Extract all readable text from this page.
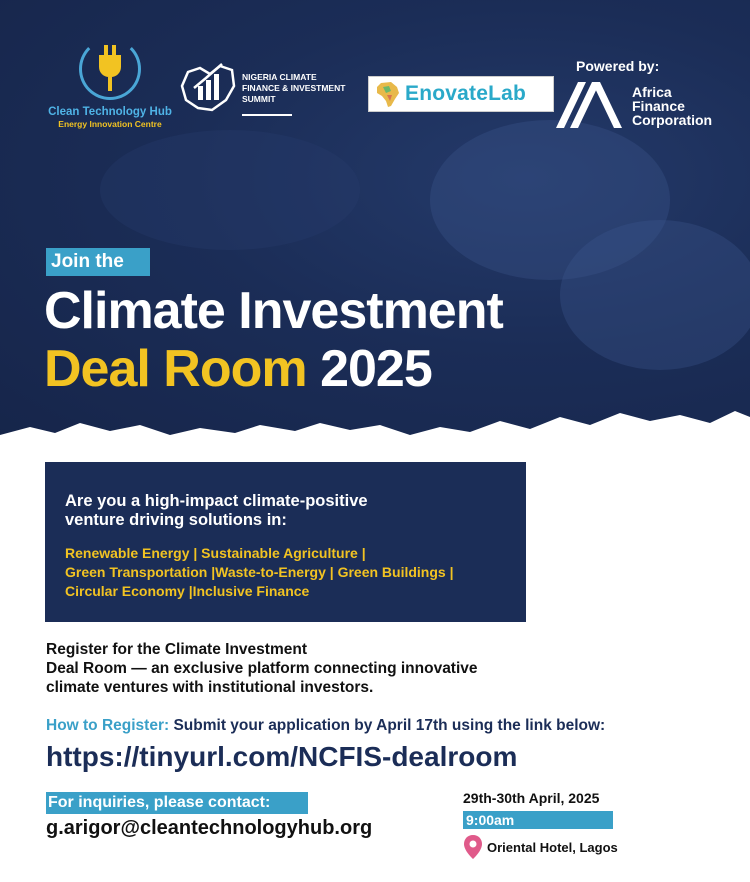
Clean Technology Hub
Energy Innovation Centre
NIGERIA CLIMATE
FINANCE & INVESTMENT
SUMMIT	EnovateLab
Powered by:
Africa
Finance
Corporation
Join the
Climate Investment
Deal Room 2025
Are you a high-impact climate-positive
venture driving solutions in:
Renewable Energy | Sustainable Agriculture |
Green Transportation |Waste-to-Energy | Green Buildings |
Circular Economy |Inclusive Finance
Register for the Climate Investment
Deal Room — an exclusive platform connecting innovative
climate ventures with institutional investors.
How to Register: Submit your application by April 17th using the link below:
https://tinyurl.com/NCFIS-dealroom
For inquiries, please contact:
g.arigor@cleantechnologyhub.org
29th-30th April, 2025
9:00am
Oriental Hotel, Lagos
